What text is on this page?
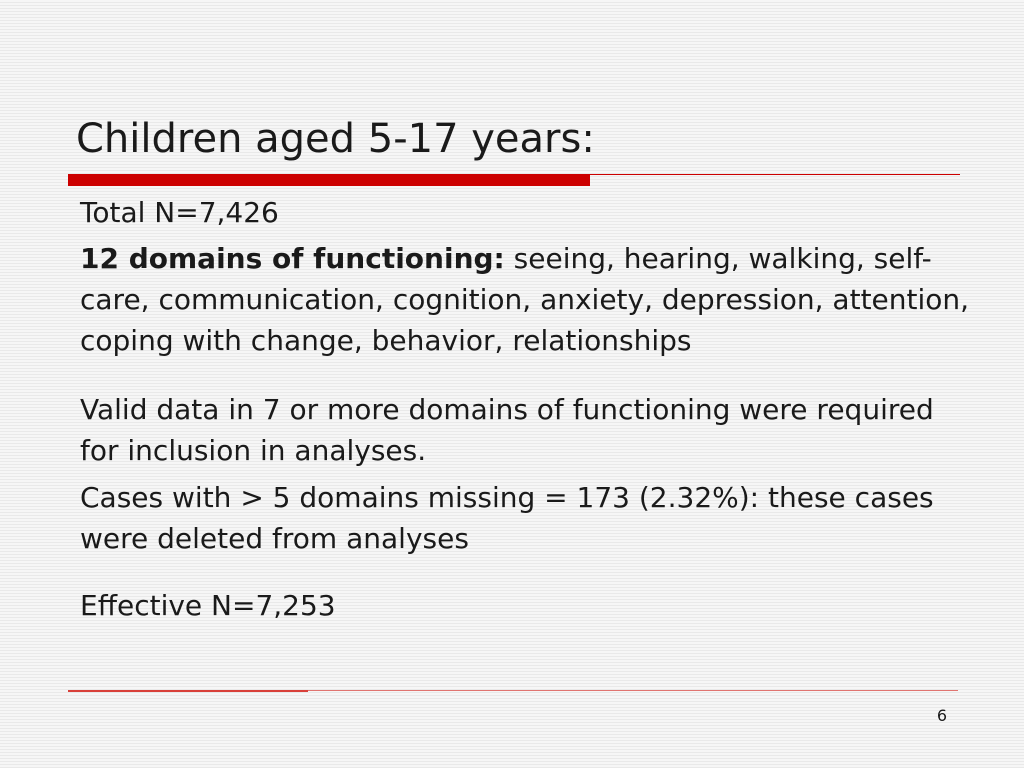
Children aged 5-17 years:

Total N=7,426

12 domains of functioning: seeing, hearing, walking, self-care, communication, cognition, anxiety, depression, attention, coping with change, behavior, relationships

Valid data in 7 or more domains of functioning were required for inclusion in analyses.

Cases with > 5 domains missing = 173 (2.32%): these cases were deleted from analyses

Effective N=7,253

6
